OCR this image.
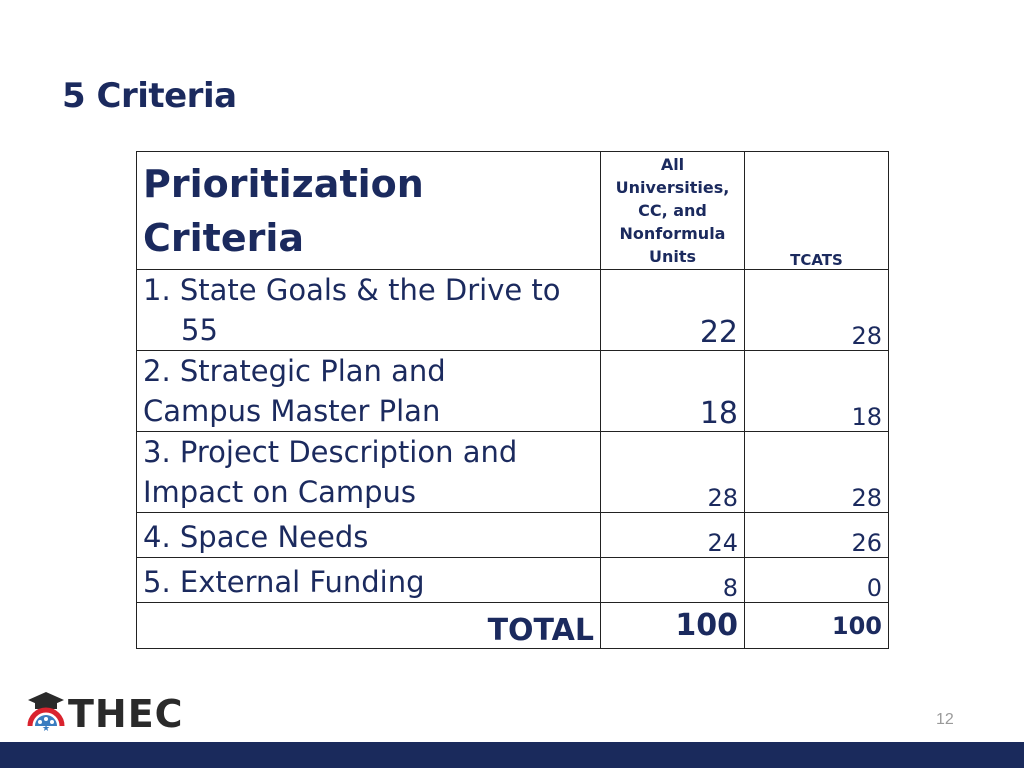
5 Criteria
Prioritization Criteria	All Universities, CC, and Nonformula Units	TCATS
1. State Goals & the Drive to
55	22	28
2. Strategic Plan and
Campus Master Plan	18	18
3. Project Description and
Impact on Campus	28	28
4. Space Needs	24	26
5. External Funding	8	0
TOTAL	100	100
★ THEC	12
